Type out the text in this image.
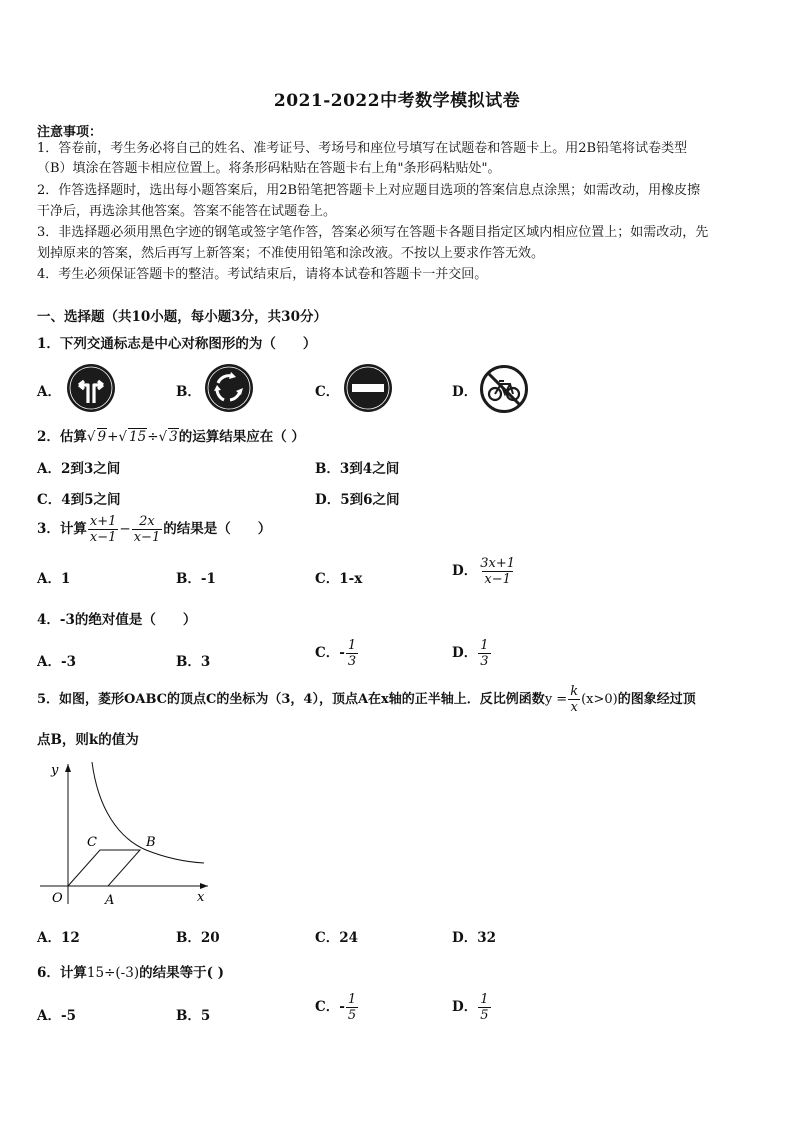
2021-2022中考数学模拟试卷
注意事项：
1．答卷前，考生务必将自己的姓名、准考证号、考场号和座位号填写在试题卷和答题卡上。用2B铅笔将试卷类型
（B）填涂在答题卡相应位置上。将条形码粘贴在答题卡右上角"条形码粘贴处"。
2．作答选择题时，选出每小题答案后，用2B铅笔把答题卡上对应题目选项的答案信息点涂黑；如需改动，用橡皮擦
干净后，再选涂其他答案。答案不能答在试题卷上。
3．非选择题必须用黑色字迹的钢笔或签字笔作答，答案必须写在答题卡各题目指定区域内相应位置上；如需改动，先
划掉原来的答案，然后再写上新答案；不准使用铅笔和涂改液。不按以上要求作答无效。
4．考生必须保证答题卡的整洁。考试结束后，请将本试卷和答题卡一并交回。
一、选择题（共10小题，每小题3分，共30分）
1．下列交通标志是中心对称图形的为（　　）
A．	B．	C．	D．
2．估算√ 9+√ 15÷√ 3的运算结果应在（ ）
A．2到3之间	B．3到4之间
C．4到5之间	D．5到6之间
3．计算 $\frac{x+1}{x-1} - \frac{2x}{x-1}$ 的结果是（　　）
A．1	B．-1	C．1-x	D． $\frac{3x+1}{x-1}$
4．-3的绝对值是（　　）
A．-3	B．3
C．- $\frac{1}{3}$	D． $\frac{1}{3}$
5．如图，菱形OABC的顶点C的坐标为（3，4），顶点A在x轴的正半轴上．反比例函数$y = \frac{k}{x} (x>0)$的图象经过顶
点B，则k的值为
y
x
O	A
B
C
A．12	B．20	C．24	D．32
6．计算15÷(-3)的结果等于( )
A．-5	B．5
C．- $\frac{1}{5}$	D． $\frac{1}{5}$
